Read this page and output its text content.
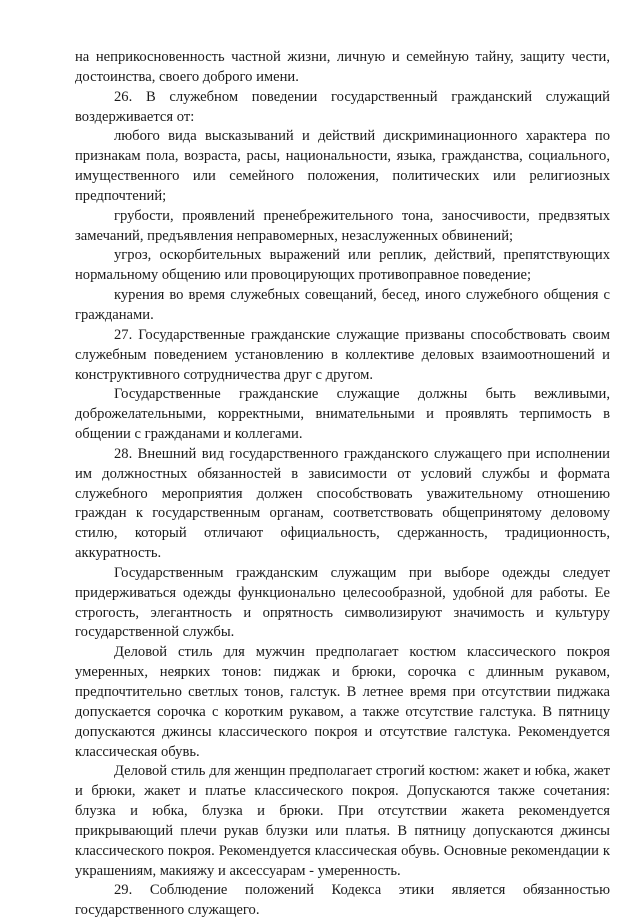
на неприкосновенность частной жизни, личную и семейную тайну, защиту чести, достоинства, своего доброго имени.

26. В служебном поведении государственный гражданский служащий воздерживается от:

любого вида высказываний и действий дискриминационного характера по признакам пола, возраста, расы, национальности, языка, гражданства, социального, имущественного или семейного положения, политических или религиозных предпочтений;

грубости, проявлений пренебрежительного тона, заносчивости, предвзятых замечаний, предъявления неправомерных, незаслуженных обвинений;

угроз, оскорбительных выражений или реплик, действий, препятствующих нормальному общению или провоцирующих противоправное поведение;

курения во время служебных совещаний, бесед, иного служебного общения с гражданами.

27. Государственные гражданские служащие призваны способствовать своим служебным поведением установлению в коллективе деловых взаимоотношений и конструктивного сотрудничества друг с другом.

Государственные гражданские служащие должны быть вежливыми, доброжелательными, корректными, внимательными и проявлять терпимость в общении с гражданами и коллегами.

28. Внешний вид государственного гражданского служащего при исполнении им должностных обязанностей в зависимости от условий службы и формата служебного мероприятия должен способствовать уважительному отношению граждан к государственным органам, соответствовать общепринятому деловому стилю, который отличают официальность, сдержанность, традиционность, аккуратность.

Государственным гражданским служащим при выборе одежды следует придерживаться одежды функционально целесообразной, удобной для работы. Ее строгость, элегантность и опрятность символизируют значимость и культуру государственной службы.

Деловой стиль для мужчин предполагает костюм классического покроя умеренных, неярких тонов: пиджак и брюки, сорочка с длинным рукавом, предпочтительно светлых тонов, галстук. В летнее время при отсутствии пиджака допускается сорочка с коротким рукавом, а также отсутствие галстука. В пятницу допускаются джинсы классического покроя и отсутствие галстука. Рекомендуется классическая обувь.

Деловой стиль для женщин предполагает строгий костюм: жакет и юбка, жакет и брюки, жакет и платье классического покроя. Допускаются также сочетания: блузка и юбка, блузка и брюки. При отсутствии жакета рекомендуется прикрывающий плечи рукав блузки или платья. В пятницу допускаются джинсы классического покроя. Рекомендуется классическая обувь. Основные рекомендации к украшениям, макияжу и аксессуарам - умеренность.

29. Соблюдение положений Кодекса этики является обязанностью государственного служащего.
